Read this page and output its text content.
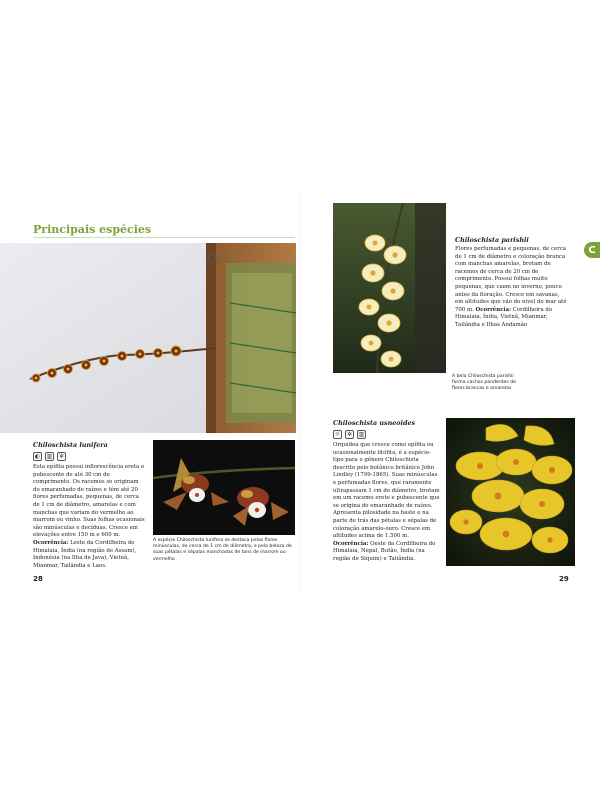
Principais espécies
Chiloschista lunifera
◐	▥	✲
Esta epífita possui inflorescência ereta e pubescente de até 30 cm de comprimento. Os racemos se originam do emaranhado de raízes e têm até 20 flores perfumadas, pequenas, de cerca de 1 cm de diâmetro, amarelas e com manchas que variam do vermelho ao marrom ou vinho. Suas folhas ocasionais são minúsculas e decíduas. Cresce em elevações entre 150 m e 600 m. Ocorrência: Leste da Cordilheira do Himalaia, Índia (na região de Assam), Indonésia (na Ilha de Java), Vietnã, Mianmar, Tailândia e Laos.
A espécie Chiloschista lunifera se destaca pelas flores minúsculas, de cerca de 1 cm de diâmetro, e pela beleza de suas pétalas e sépalas manchadas de tons de marrom ou vermelho
28
A bela Chiloschista parishii forma cachos pendentes de flores brancas e amarelas
Chiloschista parishii
Flores perfumadas e pequenas, de cerca de 1 cm de diâmetro e coloração branca com manchas amarelas, brotam de racemos de cerca de 20 cm de comprimento. Possui folhas muito pequenas, que caem no inverno, pouco antes da floração. Cresce em savanas, em altitudes que vão do nível do mar até 700 m. Ocorrência: Cordilheira do Himalaia, Índia, Vietnã, Mianmar, Tailândia e Ilhas Andamão
C
Chiloschista usneoides
☼	✲	▥
Orquídea que cresce como epífita ou ocasionalmente litófita, é a espécie-tipo para o gênero Chiloschista descrito pelo botânico britânico John Lindley (1799-1865). Suas minúsculas e perfumadas flores, que raramente ultrapassam 1 cm de diâmetro, brotam em um racemo ereto e pubescente que se origina do emaranhado de raízes. Apresenta pilosidade na haste e na parte de trás das pétalas e sépalas de coloração amarelo-ouro. Cresce em altitudes acima de 1.500 m. Ocorrência: Oeste da Cordilheira do Himalaia, Nepal, Butão, Índia (na região de Siquim) e Tailândia.
29
